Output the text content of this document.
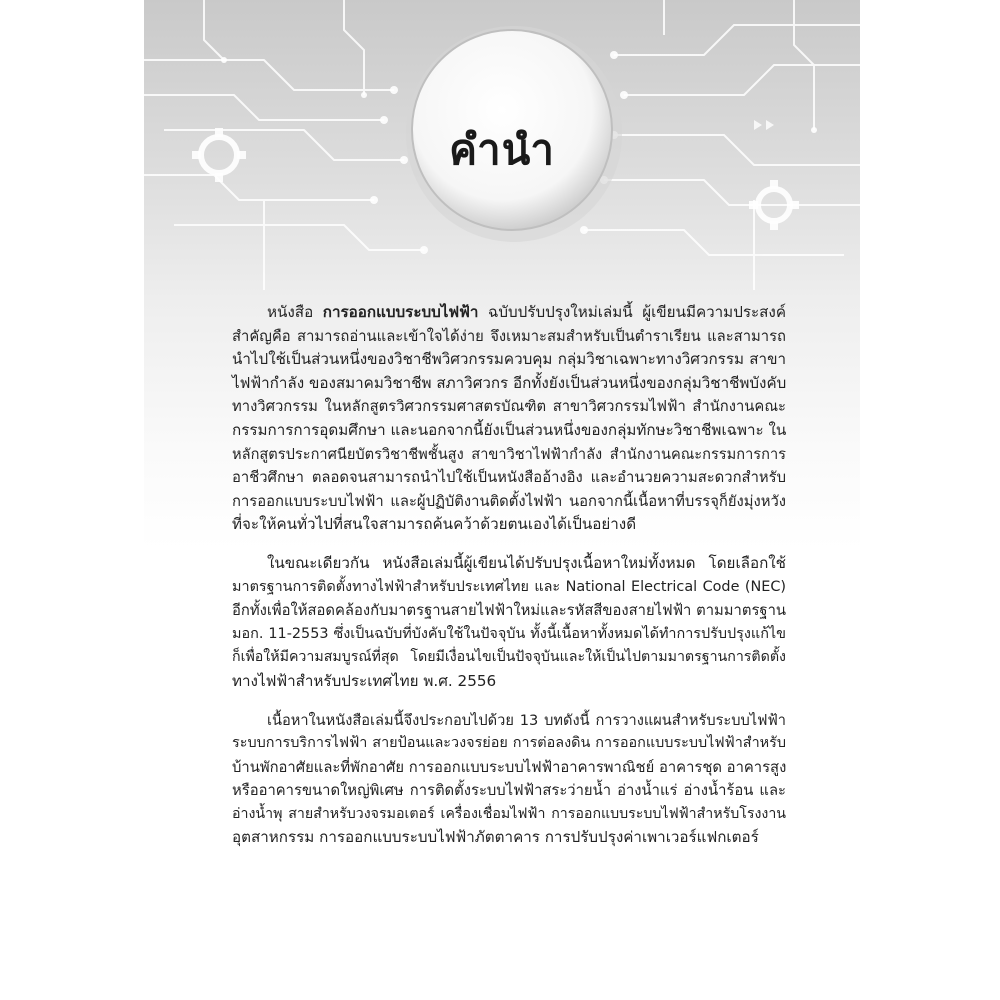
คำนำ
หนังสือ การออกแบบระบบไฟฟ้า ฉบับปรับปรุงใหม่เล่มนี้ ผู้เขียนมีความประสงค์
สำคัญคือ สามารถอ่านและเข้าใจได้ง่าย จึงเหมาะสมสำหรับเป็นตำราเรียน และสามารถ
นำไปใช้เป็นส่วนหนึ่งของวิชาชีพวิศวกรรมควบคุม กลุ่มวิชาเฉพาะทางวิศวกรรม สาขา
ไฟฟ้ากำลัง ของสมาคมวิชาชีพ สภาวิศวกร อีกทั้งยังเป็นส่วนหนึ่งของกลุ่มวิชาชีพบังคับ
ทางวิศวกรรม ในหลักสูตรวิศวกรรมศาสตรบัณฑิต สาขาวิศวกรรมไฟฟ้า สำนักงานคณะ
กรรมการการอุดมศึกษา และนอกจากนี้ยังเป็นส่วนหนึ่งของกลุ่มทักษะวิชาชีพเฉพาะ ใน
หลักสูตรประกาศนียบัตรวิชาชีพชั้นสูง สาขาวิชาไฟฟ้ากำลัง สำนักงานคณะกรรมการการ
อาชีวศึกษา ตลอดจนสามารถนำไปใช้เป็นหนังสืออ้างอิง และอำนวยความสะดวกสำหรับ
การออกแบบระบบไฟฟ้า และผู้ปฏิบัติงานติดตั้งไฟฟ้า นอกจากนี้เนื้อหาที่บรรจุก็ยังมุ่งหวัง
ที่จะให้คนทั่วไปที่สนใจสามารถค้นคว้าด้วยตนเองได้เป็นอย่างดี
ในขณะเดียวกัน หนังสือเล่มนี้ผู้เขียนได้ปรับปรุงเนื้อหาใหม่ทั้งหมด โดยเลือกใช้
มาตรฐานการติดตั้งทางไฟฟ้าสำหรับประเทศไทย และ National Electrical Code (NEC)
อีกทั้งเพื่อให้สอดคล้องกับมาตรฐานสายไฟฟ้าใหม่และรหัสสีของสายไฟฟ้า ตามมาตรฐาน
มอก. 11-2553 ซึ่งเป็นฉบับที่บังคับใช้ในปัจจุบัน ทั้งนี้เนื้อหาทั้งหมดได้ทำการปรับปรุงแก้ไข
ก็เพื่อให้มีความสมบูรณ์ที่สุด โดยมีเงื่อนไขเป็นปัจจุบันและให้เป็นไปตามมาตรฐานการติดตั้ง
ทางไฟฟ้าสำหรับประเทศไทย พ.ศ. 2556
เนื้อหาในหนังสือเล่มนี้จึงประกอบไปด้วย 13 บทดังนี้ การวางแผนสำหรับระบบไฟฟ้า
ระบบการบริการไฟฟ้า สายป้อนและวงจรย่อย การต่อลงดิน การออกแบบระบบไฟฟ้าสำหรับ
บ้านพักอาศัยและที่พักอาศัย การออกแบบระบบไฟฟ้าอาคารพาณิชย์ อาคารชุด อาคารสูง
หรืออาคารขนาดใหญ่พิเศษ การติดตั้งระบบไฟฟ้าสระว่ายน้ำ อ่างน้ำแร่ อ่างน้ำร้อน และ
อ่างน้ำพุ สายสำหรับวงจรมอเตอร์ เครื่องเชื่อมไฟฟ้า การออกแบบระบบไฟฟ้าสำหรับโรงงาน
อุตสาหกรรม การออกแบบระบบไฟฟ้าภัตตาคาร การปรับปรุงค่าเพาเวอร์แฟกเตอร์
